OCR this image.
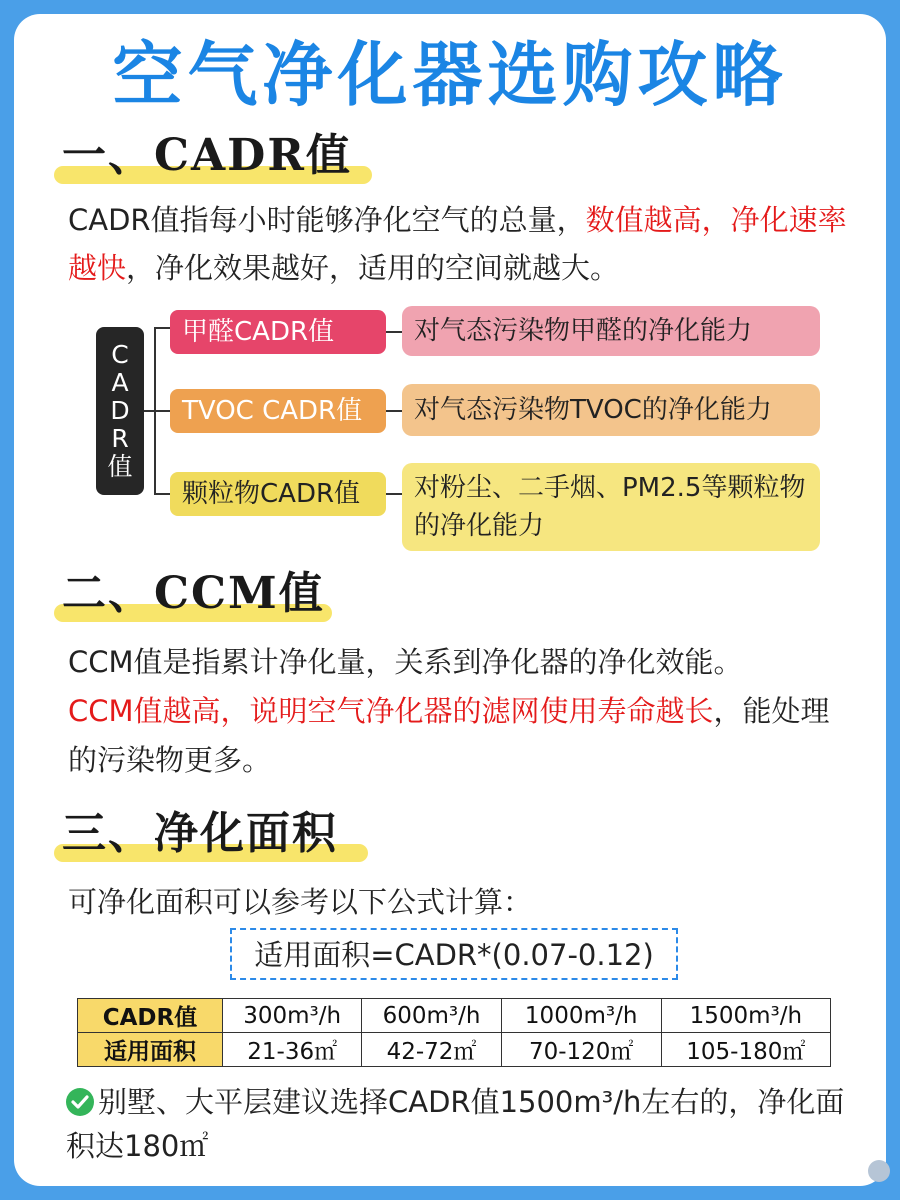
空气净化器选购攻略
一、CADR值
CADR值指每小时能够净化空气的总量，数值越高，净化速率越快，净化效果越好，适用的空间就越大。
C
A
D
R
值
甲醛CADR值	对气态污染物甲醛的净化能力
TVOC CADR值	对气态污染物TVOC的净化能力
颗粒物CADR值	对粉尘、二手烟、PM2.5等颗粒物的净化能力
二、CCM值
CCM值是指累计净化量，关系到净化器的净化效能。
CCM值越高，说明空气净化器的滤网使用寿命越长，能处理的污染物更多。
三、净化面积
可净化面积可以参考以下公式计算：
适用面积=CADR*(0.07-0.12)
CADR值	300m³/h	600m³/h	1000m³/h	1500m³/h
适用面积	21-36㎡	42-72㎡	70-120㎡	105-180㎡
别墅、大平层建议选择CADR值1500m³/h左右的，净化面积达180㎡
